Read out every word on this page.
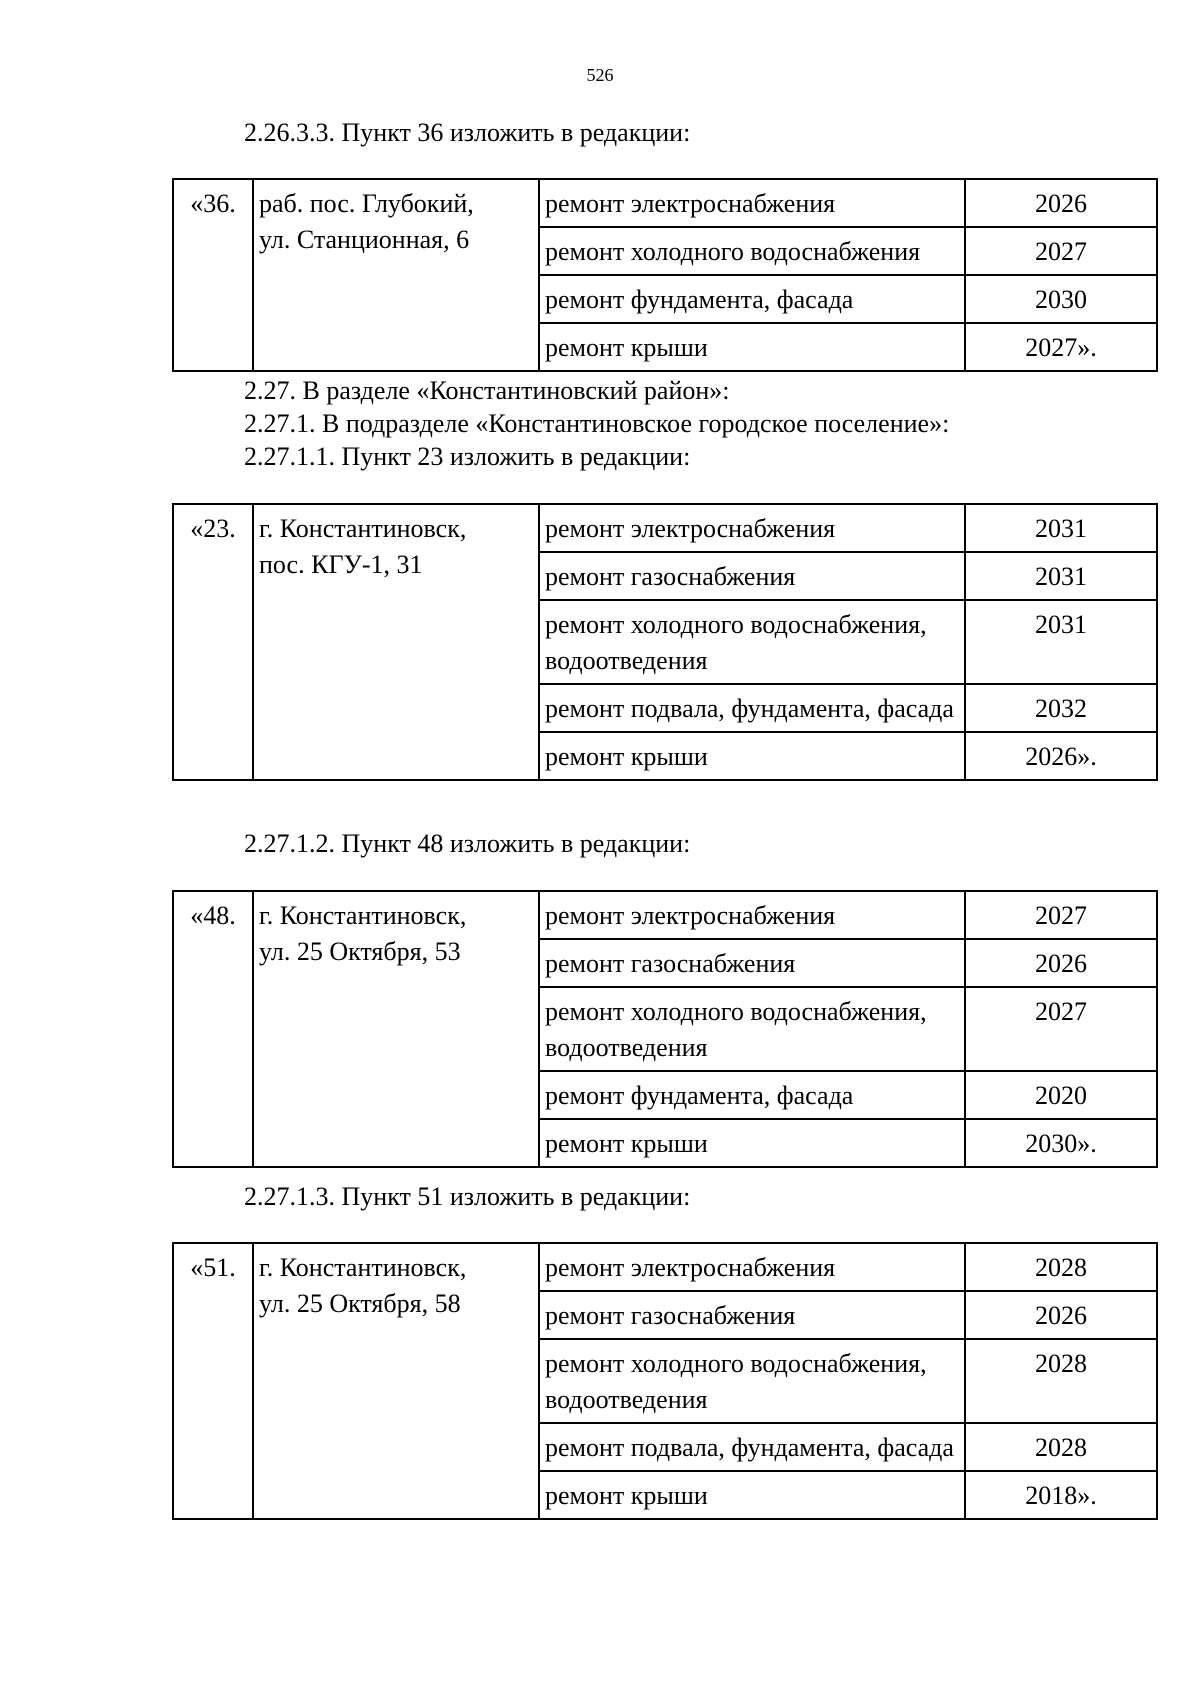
526
2.26.3.3. Пункт 36 изложить в редакции:
«36.	раб. пос. Глубокий,
ул. Станционная, 6	ремонт электроснабжения	2026
		ремонт холодного водоснабжения	2027
		ремонт фундамента, фасада	2030
		ремонт крыши	2027».
2.27. В разделе «Константиновский район»:
2.27.1. В подразделе «Константиновское городское поселение»:
2.27.1.1. Пункт 23 изложить в редакции:
«23.	г. Константиновск,
пос. КГУ-1, 31	ремонт электроснабжения	2031
		ремонт газоснабжения	2031
		ремонт холодного водоснабжения, водоотведения	2031
		ремонт подвала, фундамента, фасада	2032
		ремонт крыши	2026».
2.27.1.2. Пункт 48 изложить в редакции:
«48.	г. Константиновск,
ул. 25 Октября, 53	ремонт электроснабжения	2027
		ремонт газоснабжения	2026
		ремонт холодного водоснабжения, водоотведения	2027
		ремонт фундамента, фасада	2020
		ремонт крыши	2030».
2.27.1.3. Пункт 51 изложить в редакции:
«51.	г. Константиновск,
ул. 25 Октября, 58	ремонт электроснабжения	2028
		ремонт газоснабжения	2026
		ремонт холодного водоснабжения, водоотведения	2028
		ремонт подвала, фундамента, фасада	2028
		ремонт крыши	2018».
